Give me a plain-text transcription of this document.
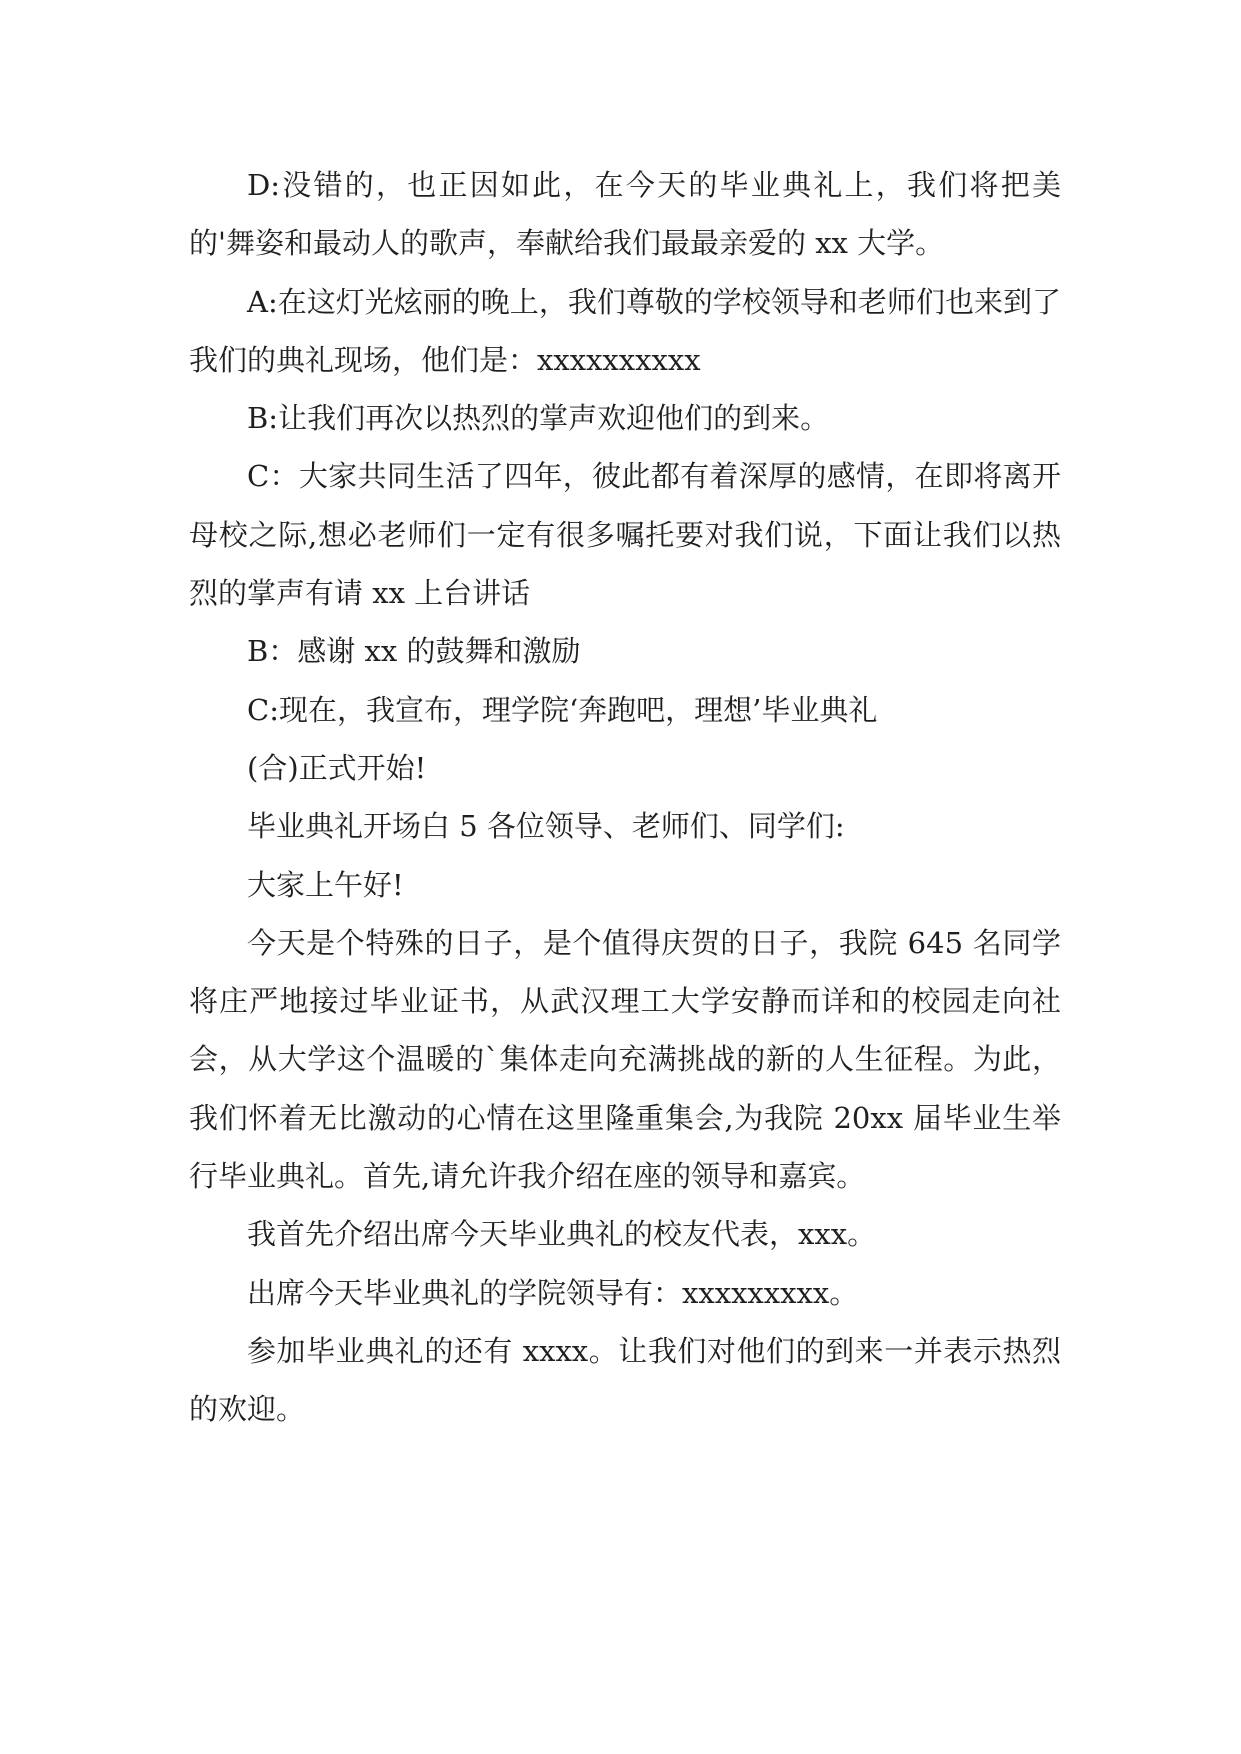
D:没错的，也正因如此，在今天的毕业典礼上，我们将把美的'舞姿和最动人的歌声，奉献给我们最最亲爱的 xx 大学。

A:在这灯光炫丽的晚上，我们尊敬的学校领导和老师们也来到了我们的典礼现场，他们是：xxxxxxxxxx

B:让我们再次以热烈的掌声欢迎他们的到来。

C：大家共同生活了四年，彼此都有着深厚的感情，在即将离开母校之际,想必老师们一定有很多嘱托要对我们说，下面让我们以热烈的掌声有请 xx 上台讲话

B：感谢 xx 的鼓舞和激励

C:现在，我宣布，理学院‘奔跑吧，理想’毕业典礼

(合)正式开始!

毕业典礼开场白 5 各位领导、老师们、同学们:

大家上午好!

今天是个特殊的日子，是个值得庆贺的日子，我院 645 名同学将庄严地接过毕业证书，从武汉理工大学安静而详和的校园走向社会，从大学这个温暖的`集体走向充满挑战的新的人生征程。为此，我们怀着无比激动的心情在这里隆重集会,为我院 20xx 届毕业生举行毕业典礼。首先,请允许我介绍在座的领导和嘉宾。

我首先介绍出席今天毕业典礼的校友代表，xxx。

出席今天毕业典礼的学院领导有：xxxxxxxxx。

参加毕业典礼的还有 xxxx。让我们对他们的到来一并表示热烈的欢迎。
